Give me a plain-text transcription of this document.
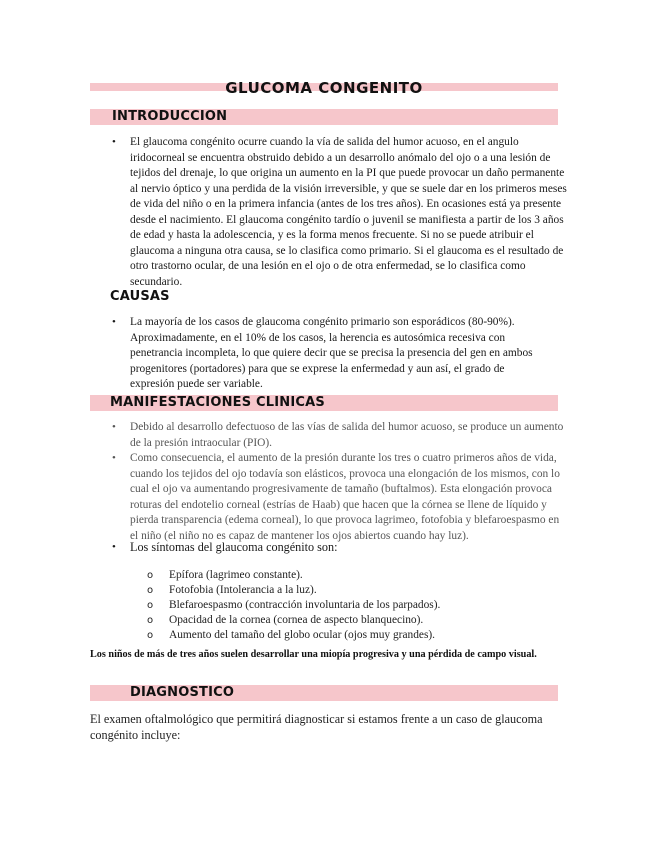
GLUCOMA CONGENITO
INTRODUCCION
• El glaucoma congénito ocurre cuando la vía de salida del humor acuoso, en el angulo iridocorneal se encuentra obstruido debido a un desarrollo anómalo del ojo o a una lesión de tejidos del drenaje, lo que origina un aumento en la PI que puede provocar un daño permanente al nervio óptico y una perdida de la visión irreversible, y que se suele dar en los primeros meses de vida del niño o en la primera infancia (antes de los tres años). En ocasiones está ya presente desde el nacimiento. El glaucoma congénito tardío o juvenil se manifiesta a partir de los 3 años de edad y hasta la adolescencia, y es la forma menos frecuente. Si no se puede atribuir el glaucoma a ninguna otra causa, se lo clasifica como primario. Si el glaucoma es el resultado de otro trastorno ocular, de una lesión en el ojo o de otra enfermedad, se lo clasifica como secundario.

CAUSAS
• La mayoría de los casos de glaucoma congénito primario son esporádicos (80-90%). Aproximadamente, en el 10% de los casos, la herencia es autosómica recesiva con penetrancia incompleta, lo que quiere decir que se precisa la presencia del gen en ambos progenitores (portadores) para que se exprese la enfermedad y aun así, el grado de expresión puede ser variable.

MANIFESTACIONES CLINICAS
• Debido al desarrollo defectuoso de las vías de salida del humor acuoso, se produce un aumento de la presión intraocular (PIO).

• Como consecuencia, el aumento de la presión durante los tres o cuatro primeros años de vida, cuando los tejidos del ojo todavía son elásticos, provoca una elongación de los mismos, con lo cual el ojo va aumentando progresivamente de tamaño (buftalmos). Esta elongación provoca roturas del endotelio corneal (estrías de Haab) que hacen que la córnea se llene de líquido y pierda transparencia (edema corneal), lo que provoca lagrimeo, fotofobia y blefaroespasmo en el niño (el niño no es capaz de mantener los ojos abiertos cuando hay luz).

• Los síntomas del glaucoma congénito son:

o Epífora (lagrimeo constante).
o Fotofobia (Intolerancia a la luz).
o Blefaroespasmo (contracción involuntaria de los parpados).
o Opacidad de la cornea (cornea de aspecto blanquecino).
o Aumento del tamaño del globo ocular (ojos muy grandes).
Los niños de más de tres años suelen desarrollar una miopía progresiva y una pérdida de campo visual.
DIAGNOSTICO

El examen oftalmológico que permitirá diagnosticar si estamos frente a un caso de glaucoma congénito incluye:
